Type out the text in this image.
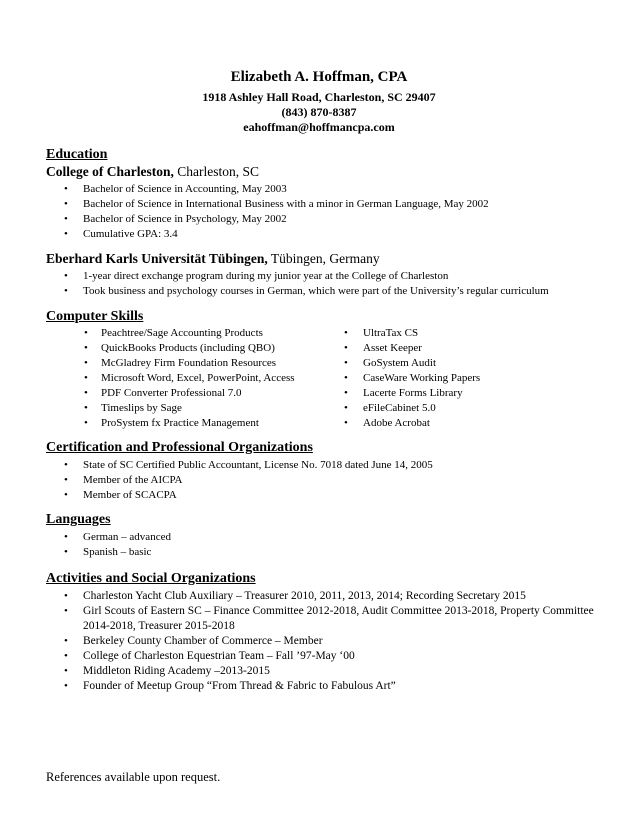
Elizabeth A. Hoffman, CPA
1918 Ashley Hall Road, Charleston, SC 29407
(843) 870-8387
eahoffman@hoffmancpa.com
Education
College of Charleston, Charleston, SC
• Bachelor of Science in Accounting, May 2003
• Bachelor of Science in International Business with a minor in German Language, May 2002
• Bachelor of Science in Psychology, May 2002
• Cumulative GPA: 3.4
Eberhard Karls Universität Tübingen, Tübingen, Germany
• 1-year direct exchange program during my junior year at the College of Charleston
• Took business and psychology courses in German, which were part of the University’s regular curriculum
Computer Skills
• Peachtree/Sage Accounting Products
• QuickBooks Products (including QBO)
• McGladrey Firm Foundation Resources
• Microsoft Word, Excel, PowerPoint, Access
• PDF Converter Professional 7.0
• Timeslips by Sage
• ProSystem fx Practice Management
• UltraTax CS
• Asset Keeper
• GoSystem Audit
• CaseWare Working Papers
• Lacerte Forms Library
• eFileCabinet 5.0
• Adobe Acrobat
Certification and Professional Organizations
• State of SC Certified Public Accountant, License No. 7018 dated June 14, 2005
• Member of the AICPA
• Member of SCACPA
Languages
• German – advanced
• Spanish – basic
Activities and Social Organizations
• Charleston Yacht Club Auxiliary – Treasurer 2010, 2011, 2013, 2014; Recording Secretary 2015
• Girl Scouts of Eastern SC – Finance Committee 2012-2018, Audit Committee 2013-2018, Property Committee 2014-2018, Treasurer 2015-2018
• Berkeley County Chamber of Commerce – Member
• College of Charleston Equestrian Team – Fall ’97-May ‘00
• Middleton Riding Academy –2013-2015
• Founder of Meetup Group “From Thread & Fabric to Fabulous Art”
References available upon request.
